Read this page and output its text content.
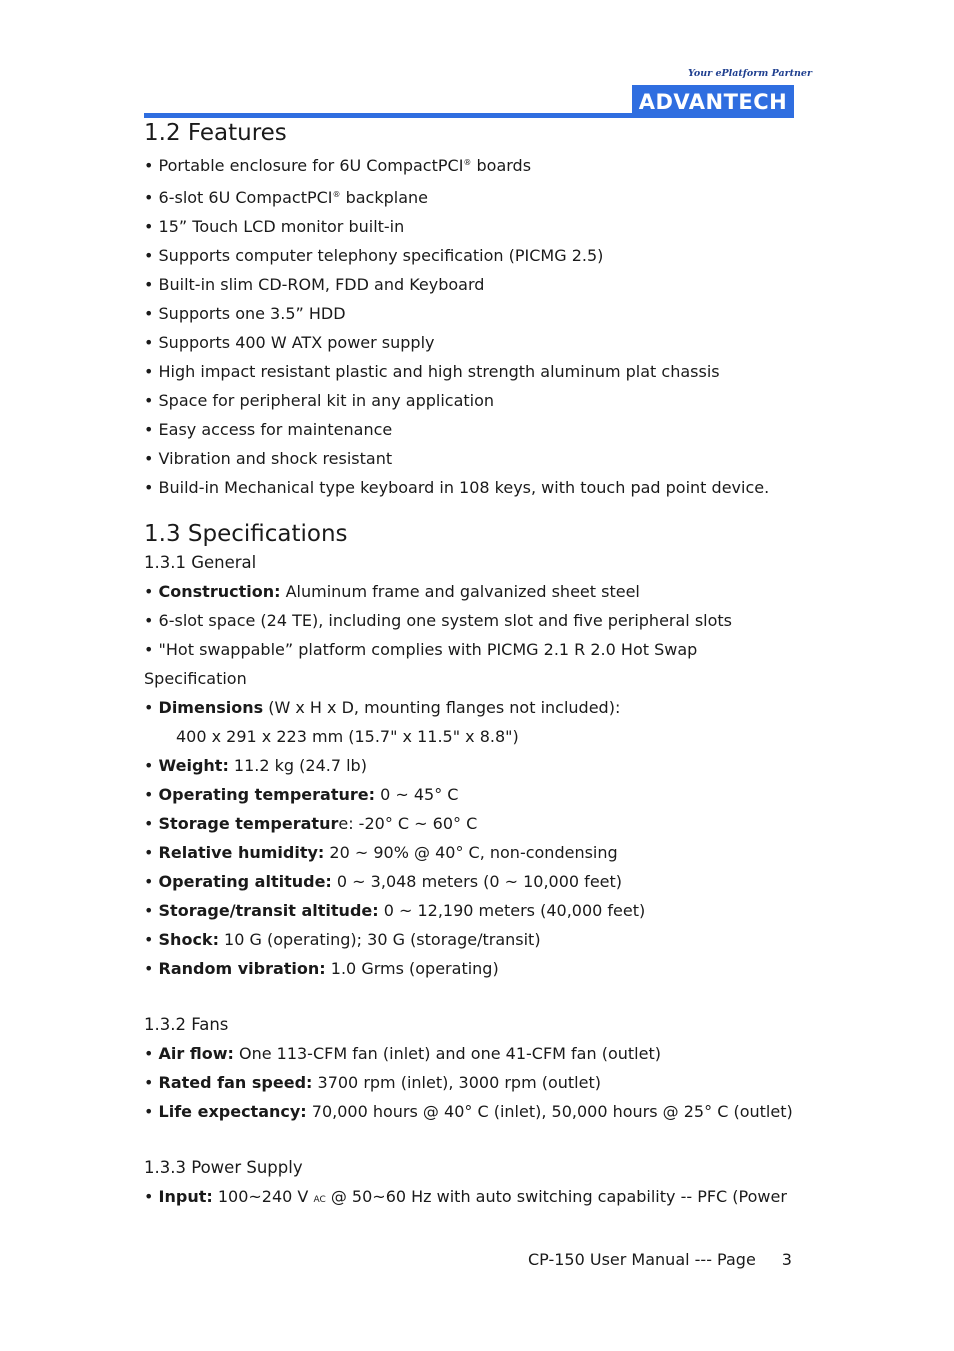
Your ePlatform Partner
ADVANTECH
1.2 Features

• Portable enclosure for 6U CompactPCI® boards

• 6-slot 6U CompactPCI® backplane

• 15” Touch LCD monitor built-in

• Supports computer telephony specification (PICMG 2.5)

• Built-in slim CD-ROM, FDD and Keyboard

• Supports one 3.5” HDD

• Supports 400 W ATX power supply

• High impact resistant plastic and high strength aluminum plat chassis

• Space for peripheral kit in any application

• Easy access for maintenance

• Vibration and shock resistant

• Build-in Mechanical type keyboard in 108 keys, with touch pad point device.

1.3 Specifications
1.3.1 General

• Construction: Aluminum frame and galvanized sheet steel

• 6-slot space (24 TE), including one system slot and five peripheral slots

• "Hot swappable” platform complies with PICMG 2.1 R 2.0 Hot Swap

Specification

• Dimensions (W x H x D, mounting flanges not included):

400 x 291 x 223 mm (15.7" x 11.5" x 8.8")

• Weight: 11.2 kg (24.7 lb)

• Operating temperature: 0 ~ 45° C

• Storage temperature: -20° C ~ 60° C

• Relative humidity: 20 ~ 90% @ 40° C, non-condensing

• Operating altitude: 0 ~ 3,048 meters (0 ~ 10,000 feet)

• Storage/transit altitude: 0 ~ 12,190 meters (40,000 feet)

• Shock: 10 G (operating); 30 G (storage/transit)

• Random vibration: 1.0 Grms (operating)

1.3.2 Fans

• Air flow: One 113-CFM fan (inlet) and one 41-CFM fan (outlet)

• Rated fan speed: 3700 rpm (inlet), 3000 rpm (outlet)

• Life expectancy: 70,000 hours @ 40° C (inlet), 50,000 hours @ 25° C (outlet)

1.3.3 Power Supply

• Input: 100~240 V AC @ 50~60 Hz with auto switching capability -- PFC (Power

CP-150 User Manual --- Page 3
